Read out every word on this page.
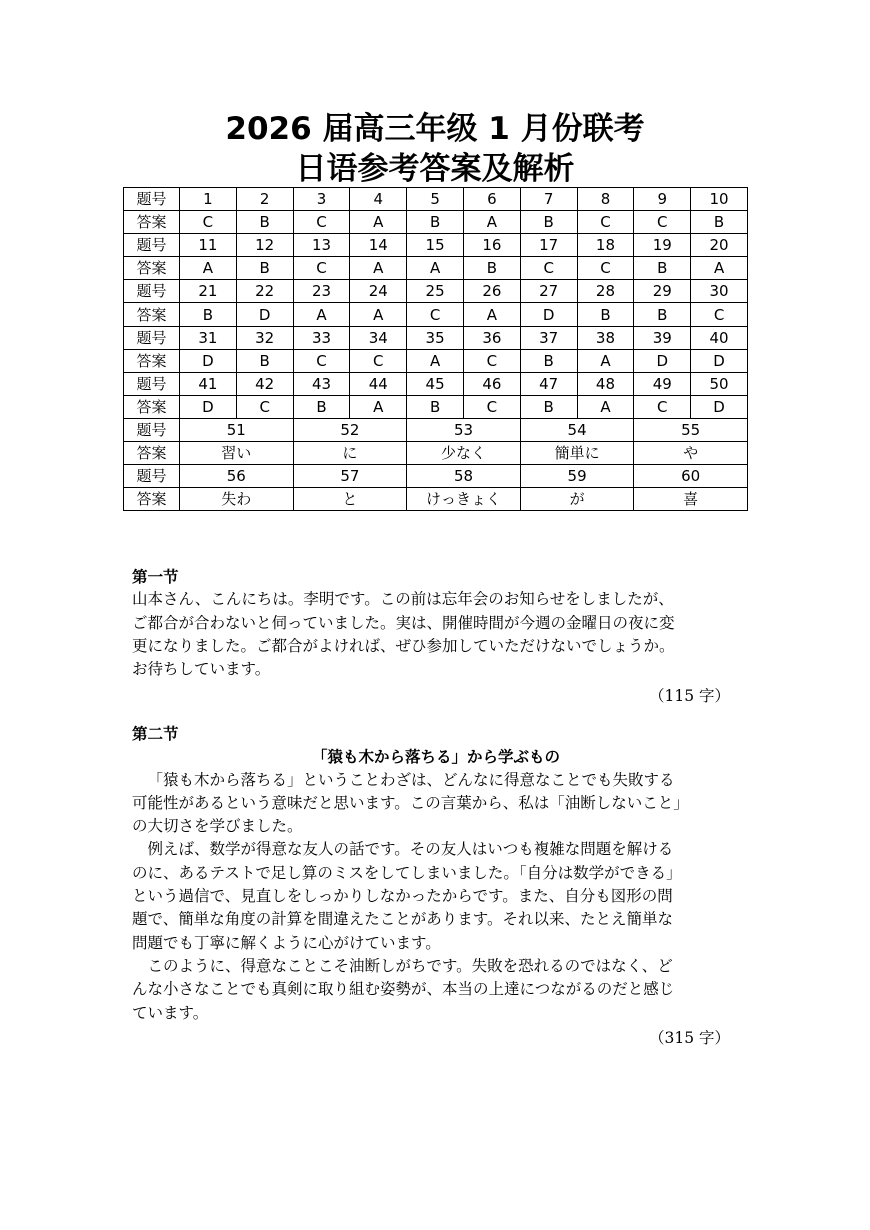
2026 届高三年级 1 月份联考
日语参考答案及解析
题号	1	2	3	4	5	6	7	8	9	10
答案	C	B	C	A	B	A	B	C	C	B
题号	11	12	13	14	15	16	17	18	19	20
答案	A	B	C	A	A	B	C	C	B	A
题号	21	22	23	24	25	26	27	28	29	30
答案	B	D	A	A	C	A	D	B	B	C
题号	31	32	33	34	35	36	37	38	39	40
答案	D	B	C	C	A	C	B	A	D	D
题号	41	42	43	44	45	46	47	48	49	50
答案	D	C	B	A	B	C	B	A	C	D
题号	51		52		53		54		55	
答案	習い		に		少なく		簡単に		や	
题号	56		57		58		59		60	
答案	失わ		と		けっきょく		が		喜	
第一节
山本さん、こんにちは。李明です。この前は忘年会のお知らせをしましたが、
ご都合が合わないと伺っていました。実は、開催時間が今週の金曜日の夜に変
更になりました。ご都合がよければ、ぜひ参加していただけないでしょうか。
お待ちしています。
（115 字）
第二节
「猿も木から落ちる」から学ぶもの
「猿も木から落ちる」ということわざは、どんなに得意なことでも失敗する
可能性があるという意味だと思います。この言葉から、私は「油断しないこと」
の大切さを学びました。
例えば、数学が得意な友人の話です。その友人はいつも複雑な問題を解ける
のに、あるテストで足し算のミスをしてしまいました。「自分は数学ができる」
という過信で、見直しをしっかりしなかったからです。また、自分も図形の問
題で、簡単な角度の計算を間違えたことがあります。それ以来、たとえ簡単な
問題でも丁寧に解くように心がけています。
このように、得意なことこそ油断しがちです。失敗を恐れるのではなく、ど
んな小さなことでも真剣に取り組む姿勢が、本当の上達につながるのだと感じ
ています。
（315 字）
